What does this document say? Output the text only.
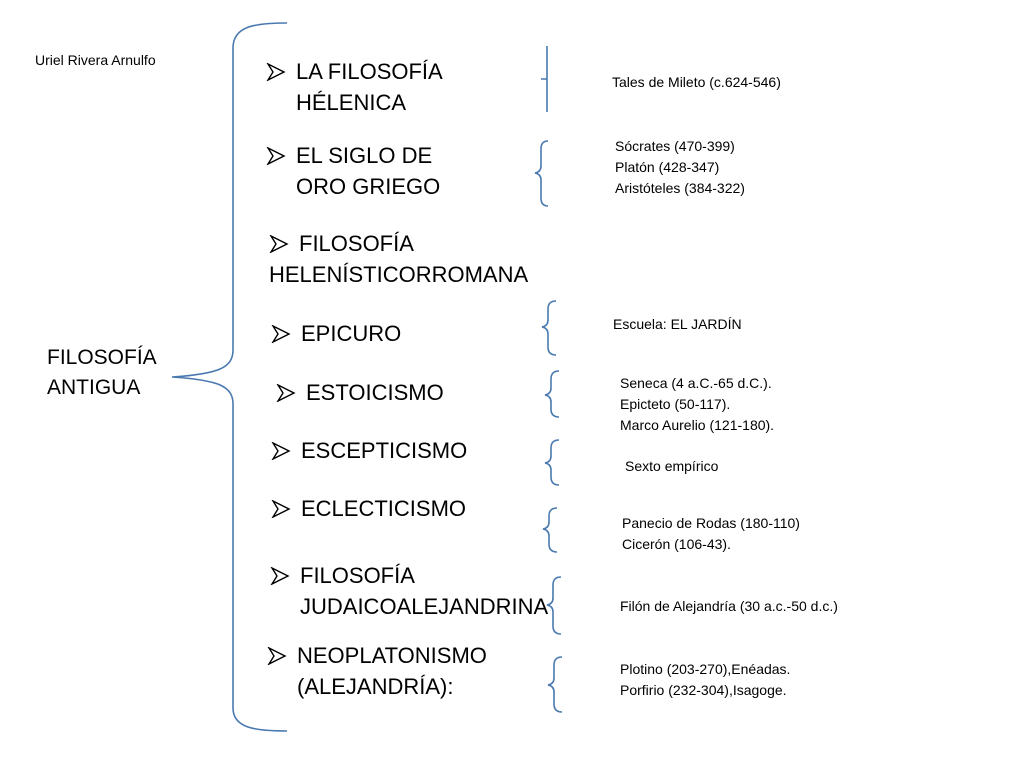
Uriel Rivera Arnulfo
FILOSOFÍA
ANTIGUA
LA FILOSOFÍA
HÉLENICA
Tales de Mileto (c.624-546)
EL SIGLO DE
ORO GRIEGO
Sócrates (470-399)
Platón (428-347)
Aristóteles (384-322)
FILOSOFÍA
HELENÍSTICORROMANA
EPICURO	Escuela: EL JARDÍN
ESTOICISMO	Seneca (4 a.C.-65 d.C.).
Epicteto (50-117).
Marco Aurelio (121-180).
ESCEPTICISMO
Sexto empírico
ECLECTICISMO
Panecio de Rodas (180-110)
Cicerón (106-43).
FILOSOFÍA
JUDAICOALEJANDRINA	Filón de Alejandría (30 a.c.-50 d.c.)
NEOPLATONISMO
(ALEJANDRÍA):
Plotino (203-270),Enéadas.
Porfirio (232-304),Isagoge.
